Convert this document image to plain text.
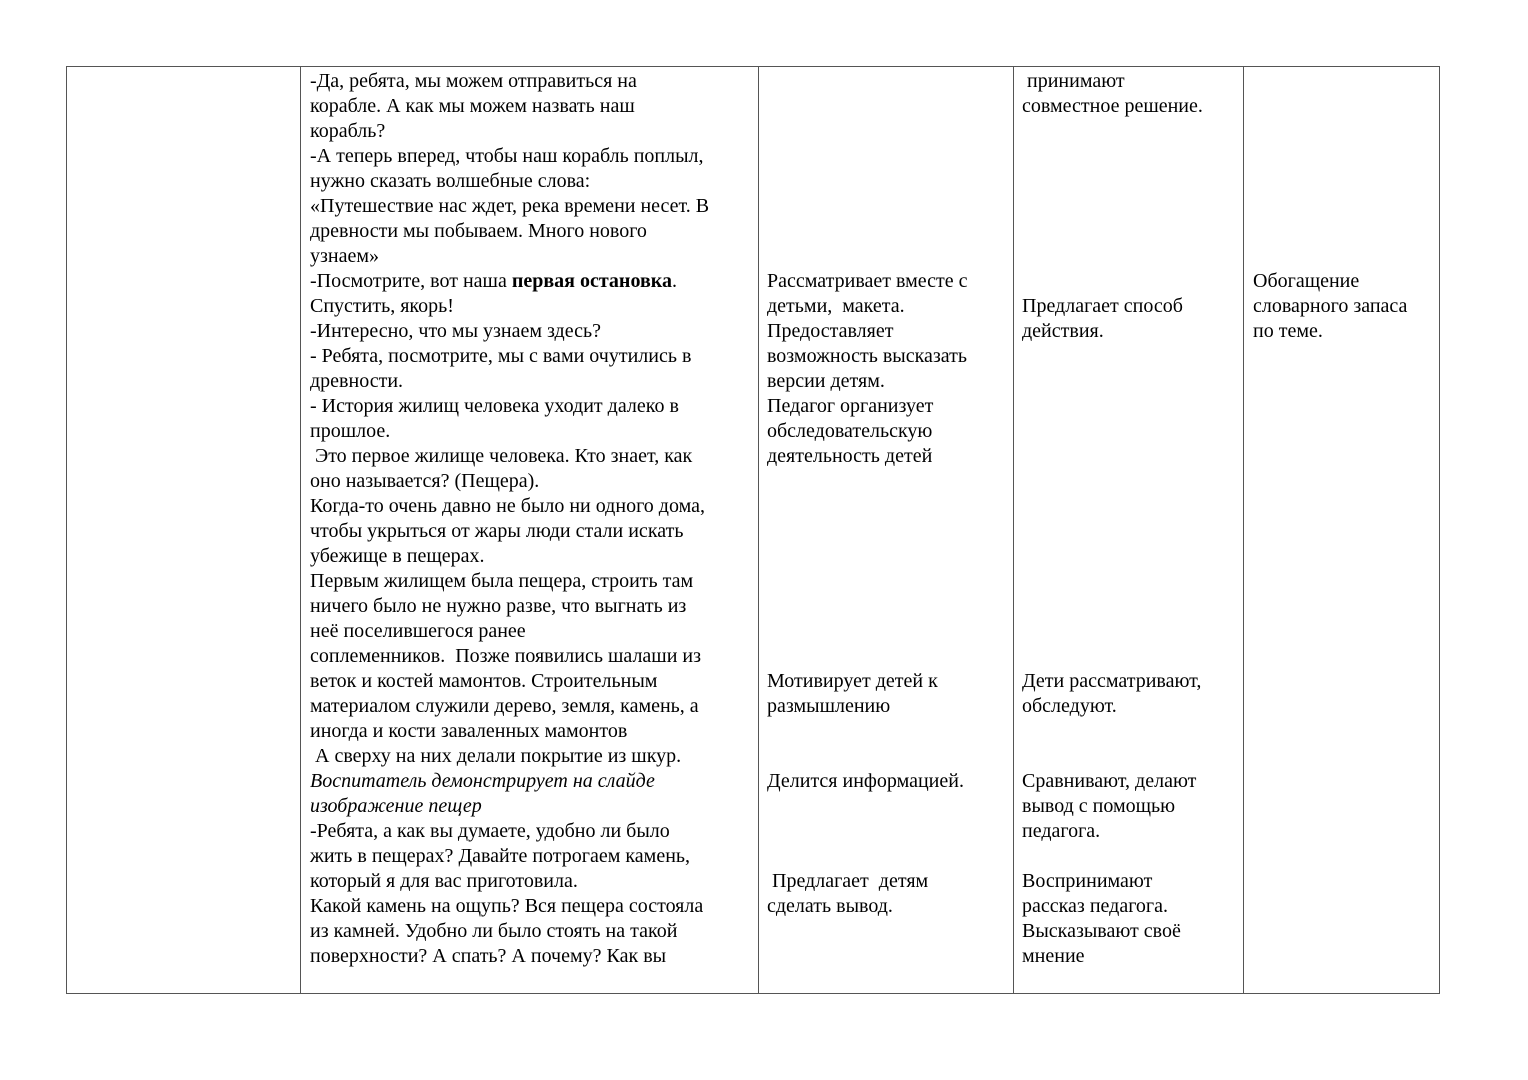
-Да, ребята, мы можем отправиться на
корабле. А как мы можем назвать наш
корабль?
-А теперь вперед, чтобы наш корабль поплыл,
нужно сказать волшебные слова:
«Путешествие нас ждет, река времени несет. В
древности мы побываем. Много нового
узнаем»
-Посмотрите, вот наша первая остановка.
Спустить, якорь!
-Интересно, что мы узнаем здесь?
- Ребята, посмотрите, мы с вами очутились в
древности.
- История жилищ человека уходит далеко в
прошлое.
Это первое жилище человека. Кто знает, как
оно называется? (Пещера).
Когда-то очень давно не было ни одного дома,
чтобы укрыться от жары люди стали искать
убежище в пещерах.
Первым жилищем была пещера, строить там
ничего было не нужно разве, что выгнать из
неё поселившегося ранее
соплеменников.  Позже появились шалаши из
веток и костей мамонтов. Строительным
материалом служили дерево, земля, камень, а
иногда и кости заваленных мамонтов
А сверху на них делали покрытие из шкур.
Воспитатель демонстрирует на слайде
изображение пещер
-Ребята, а как вы думаете, удобно ли было
жить в пещерах? Давайте потрогаем камень,
который я для вас приготовила.
Какой камень на ощупь? Вся пещера состояла
из камней. Удобно ли было стоять на такой
поверхности? А спать? А почему? Как вы
Рассматривает вместе с
детьми,  макета.
Предоставляет
возможность высказать
версии детям.
Педагог организует
обследовательскую
деятельность детей
Мотивирует детей к
размышлению
Делится информацией.
Предлагает  детям
сделать вывод.
принимают
совместное решение.
Предлагает способ
действия.
Дети рассматривают,
обследуют.
Сравнивают, делают
вывод с помощью
педагога.
Воспринимают
рассказ педагога.
Высказывают своё
мнение
Обогащение
словарного запаса
по теме.
